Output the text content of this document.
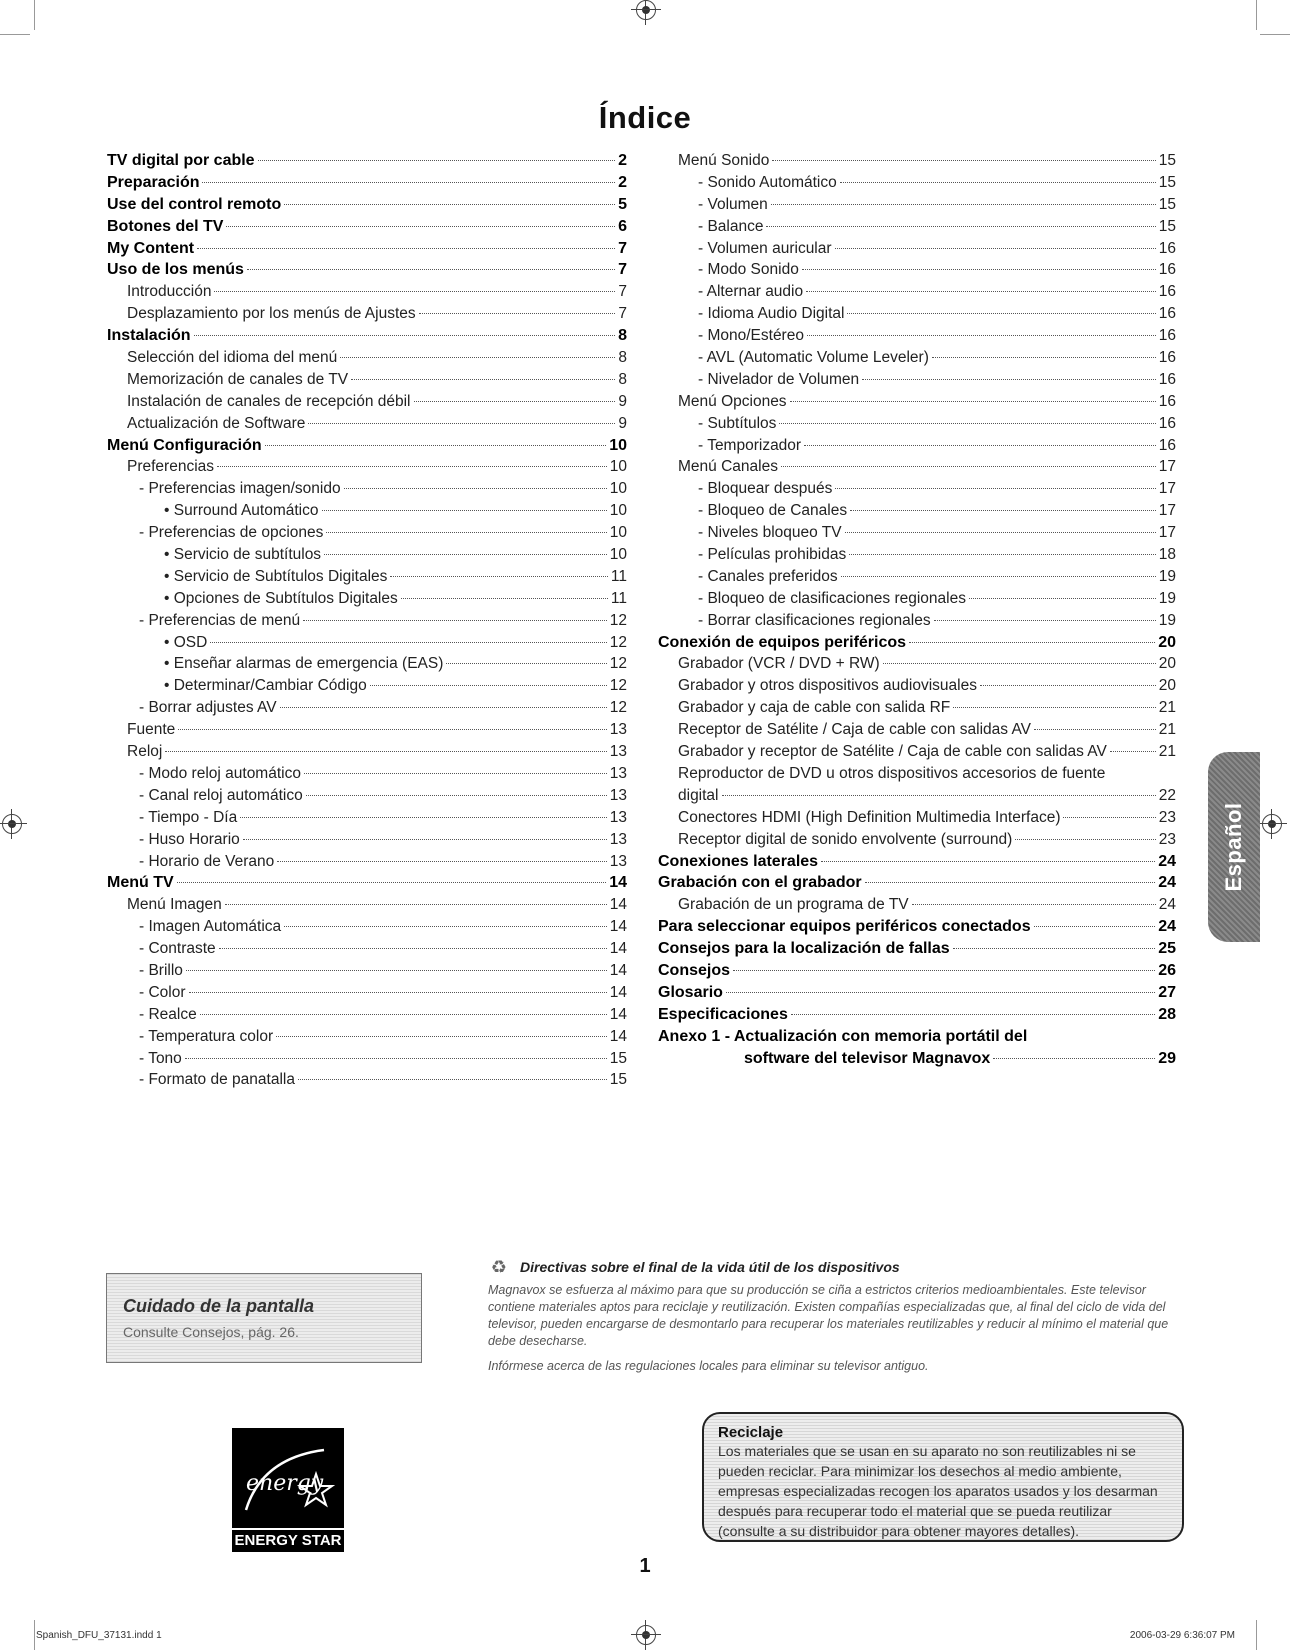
Índice
TV digital por cable	2
Preparación	2
Use del control remoto	5
Botones del TV	6
My Content	7
Uso de los menús	7
Introducción	7
Desplazamiento por los menús de Ajustes	7
Instalación	8
Selección del idioma del menú	8
Memorización de canales de TV	8
Instalación de canales de recepción débil	9
Actualización de Software	9
Menú Configuración	10
Preferencias	10
- Preferencias imagen/sonido	10
• Surround Automático	10
- Preferencias de opciones	10
• Servicio de subtítulos	10
• Servicio de Subtítulos Digitales	11
• Opciones de Subtítulos Digitales	11
- Preferencias de menú	12
• OSD	12
• Enseñar alarmas de emergencia (EAS)	12
• Determinar/Cambiar Código	12
- Borrar adjustes AV	12
Fuente	13
Reloj	13
- Modo reloj automático	13
- Canal reloj automático	13
- Tiempo - Día	13
- Huso Horario	13
- Horario de Verano	13
Menú TV	14
Menú Imagen	14
- Imagen Automática	14
- Contraste	14
- Brillo	14
- Color	14
- Realce	14
- Temperatura color	14
- Tono	15
- Formato de panatalla	15
Menú Sonido	15
- Sonido Automático	15
- Volumen	15
- Balance	15
- Volumen auricular	16
- Modo Sonido	16
- Alternar audio	16
- Idioma Audio Digital	16
- Mono/Estéreo	16
- AVL (Automatic Volume Leveler)	16
- Nivelador de Volumen	16
Menú Opciones	16
- Subtítulos	16
- Temporizador	16
Menú Canales	17
- Bloquear después	17
- Bloqueo de Canales	17
- Niveles bloqueo TV	17
- Películas prohibidas	18
- Canales preferidos	19
- Bloqueo de clasificaciones regionales	19
- Borrar clasificaciones regionales	19
Conexión de equipos periféricos	20
Grabador (VCR / DVD + RW)	20
Grabador y otros dispositivos audiovisuales	20
Grabador y caja de cable con salida RF	21
Receptor de Satélite / Caja de cable con salidas AV	21
Grabador y receptor de Satélite / Caja de cable con salidas AV	21
Reproductor de DVD u otros dispositivos accesorios de fuente
digital	22
Conectores HDMI (High Definition Multimedia Interface)	23
Receptor digital de sonido envolvente (surround)	23
Conexiones laterales	24
Grabación con el grabador	24
Grabación de un programa de TV	24
Para seleccionar equipos periféricos conectados	24
Consejos para la localización de fallas	25
Consejos	26
Glosario	27
Especificaciones	28
Anexo 1 - Actualización con memoria portátil del
software del televisor Magnavox	29
Español
Cuidado de la pantalla
Consulte Consejos, pág. 26.
♻ Directivas sobre el final de la vida útil de los dispositivos

Magnavox se esfuerza al máximo para que su producción se ciña a estrictos criterios medioambientales. Este televisor contiene materiales aptos para reciclaje y reutilización. Existen compañías especializadas que, al final del ciclo de vida del televisor, pueden encargarse de desmontarlo para recuperar los materiales reutilizables y reducir al mínimo el material que debe desecharse.

Infórmese acerca de las regulaciones locales para eliminar su televisor antiguo.

energy
ENERGY STAR
Reciclaje
Los materiales que se usan en su aparato no son reutilizables ni se pueden reciclar. Para minimizar los desechos al medio ambiente, empresas especializadas recogen los aparatos usados y los desarman después para recuperar todo el material que se pueda reutilizar (consulte a su distribuidor para obtener mayores detalles).
1
Spanish_DFU_37131.indd 1	2006-03-29 6:36:07 PM
